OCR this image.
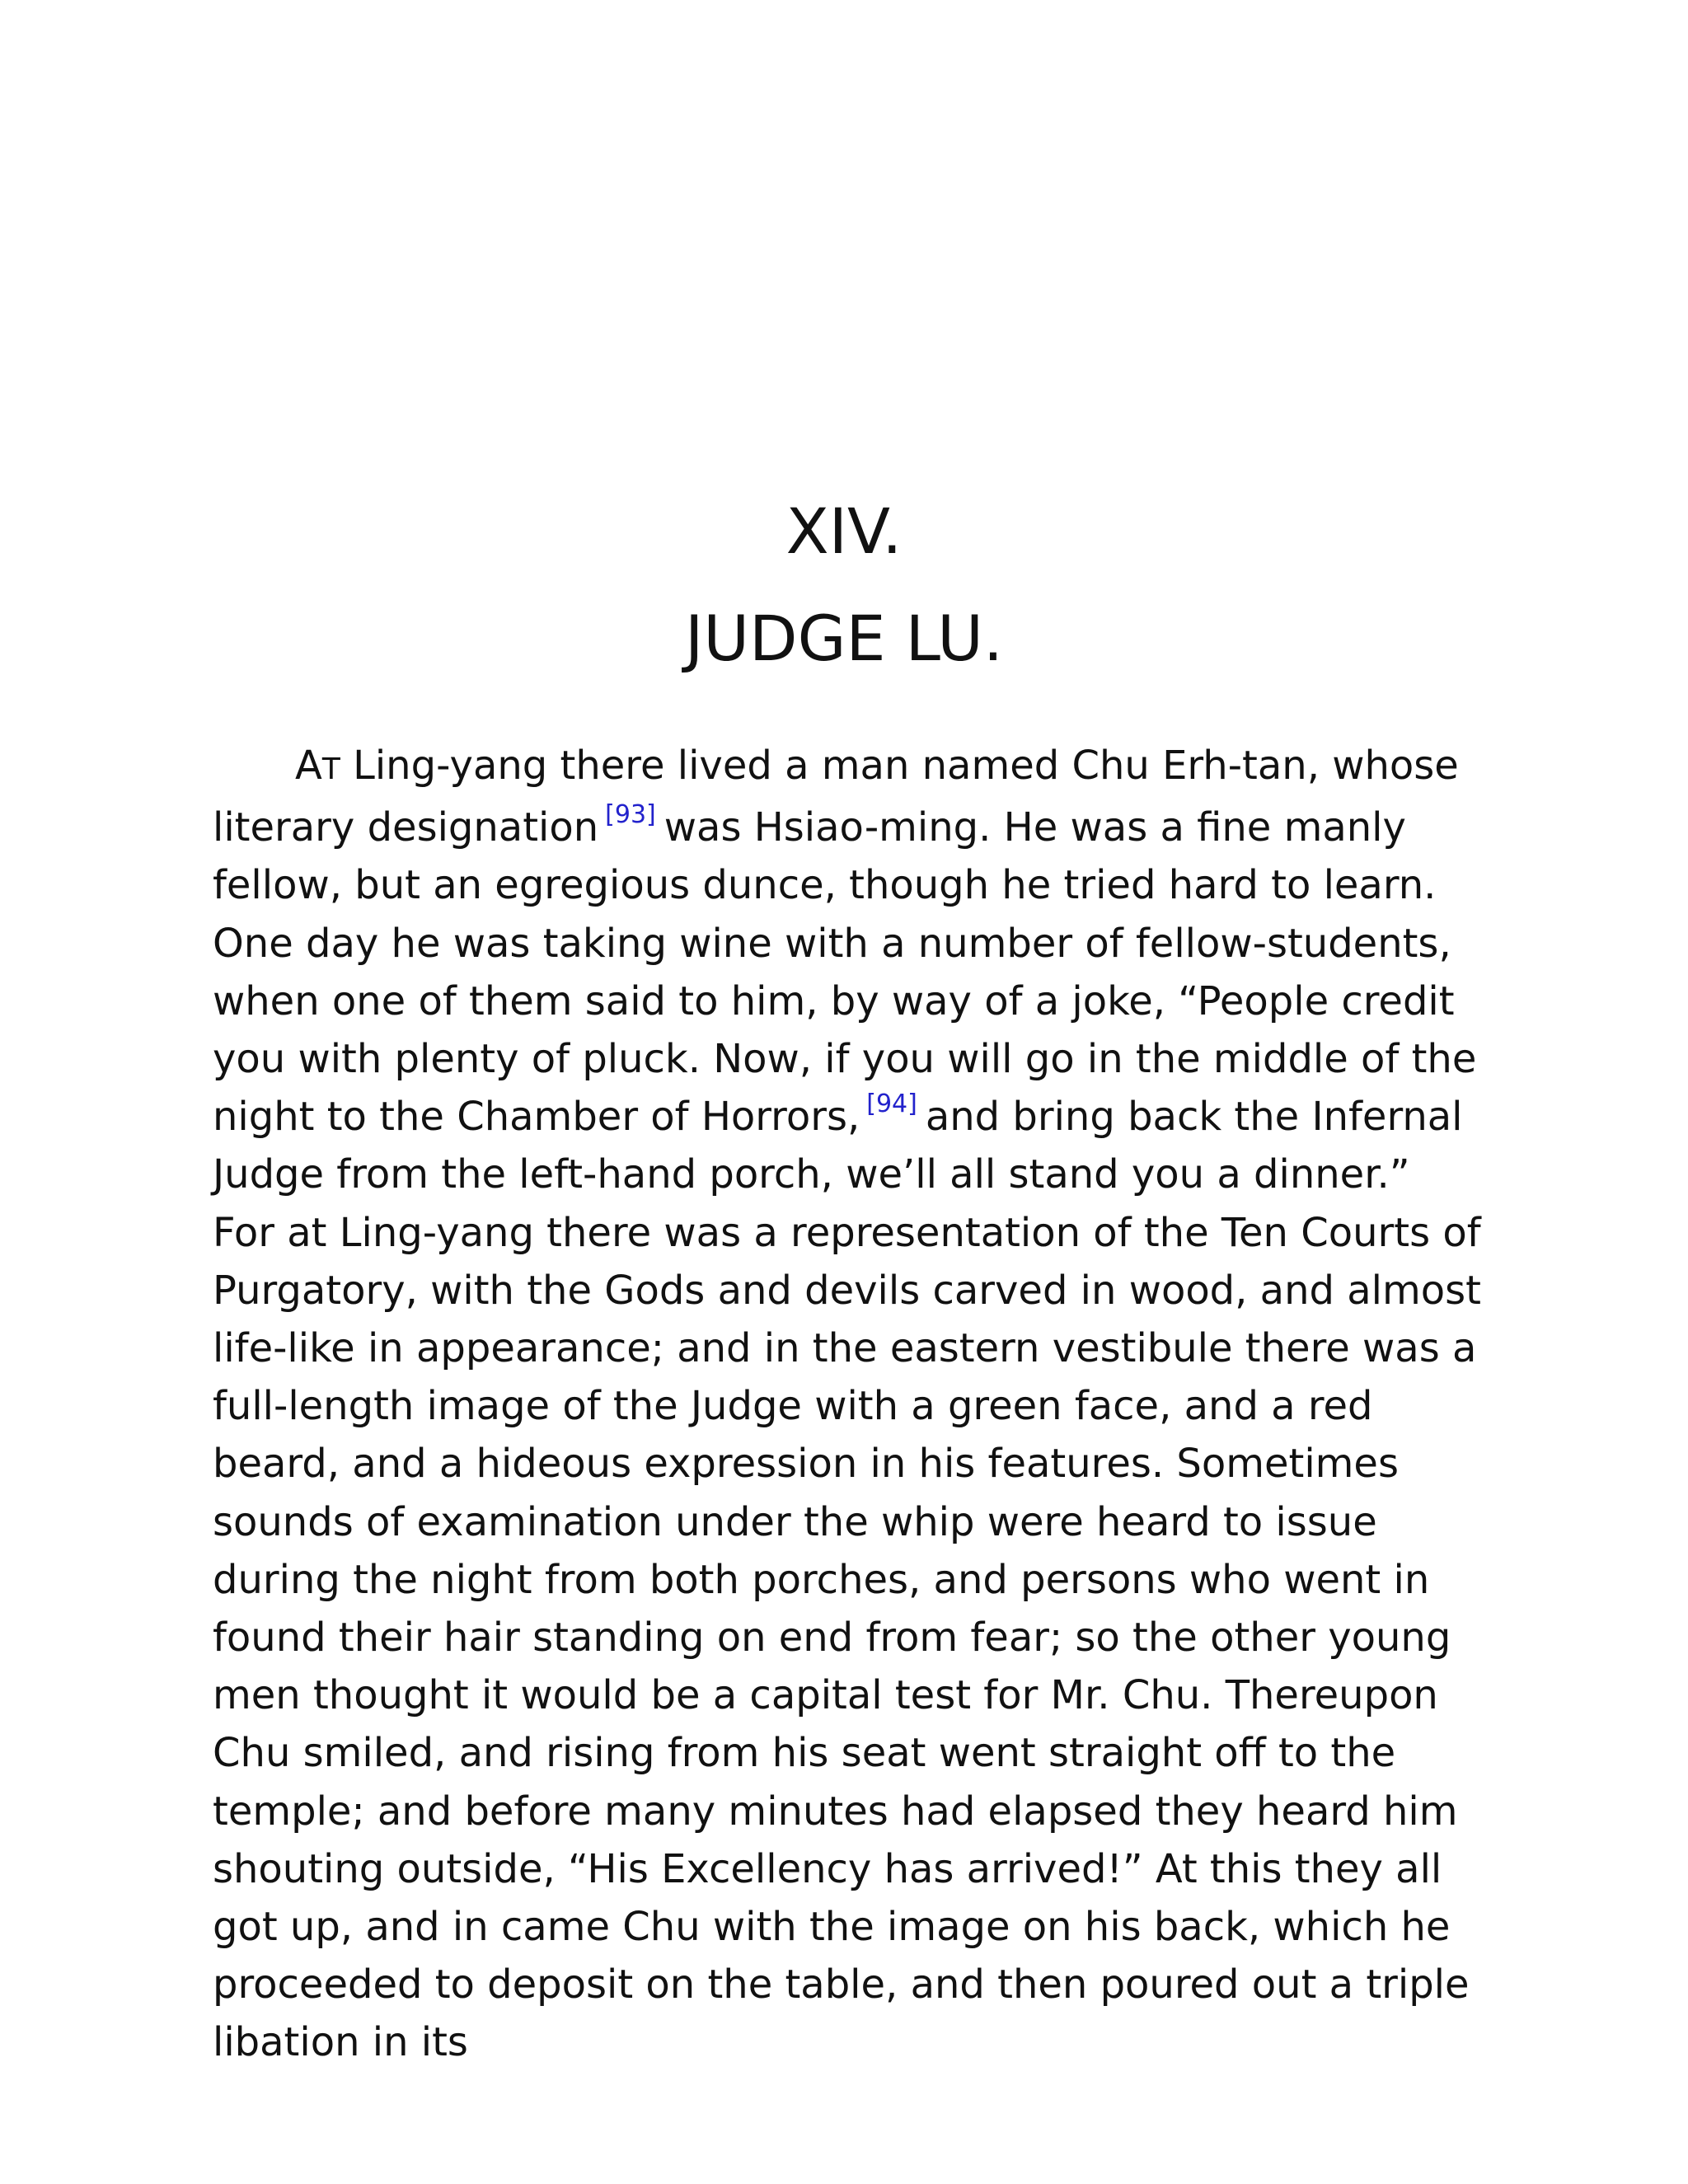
XIV.
JUDGE LU.

AT Ling-yang there lived a man named Chu Erh-tan, whose literary designation [93] was Hsiao-ming. He was a fine manly fellow, but an egregious dunce, though he tried hard to learn. One day he was taking wine with a number of fellow-students, when one of them said to him, by way of a joke, “People credit you with plenty of pluck. Now, if you will go in the middle of the night to the Chamber of Horrors, [94] and bring back the Infernal Judge from the left-hand porch, we’ll all stand you a dinner.” For at Ling-yang there was a representation of the Ten Courts of Purgatory, with the Gods and devils carved in wood, and almost life-like in appearance; and in the eastern vestibule there was a full-length image of the Judge with a green face, and a red beard, and a hideous expression in his features. Sometimes sounds of examination under the whip were heard to issue during the night from both porches, and persons who went in found their hair standing on end from fear; so the other young men thought it would be a capital test for Mr. Chu. Thereupon Chu smiled, and rising from his seat went straight off to the temple; and before many minutes had elapsed they heard him shouting outside, “His Excellency has arrived!” At this they all got up, and in came Chu with the image on his back, which he proceeded to deposit on the table, and then poured out a triple libation in its
